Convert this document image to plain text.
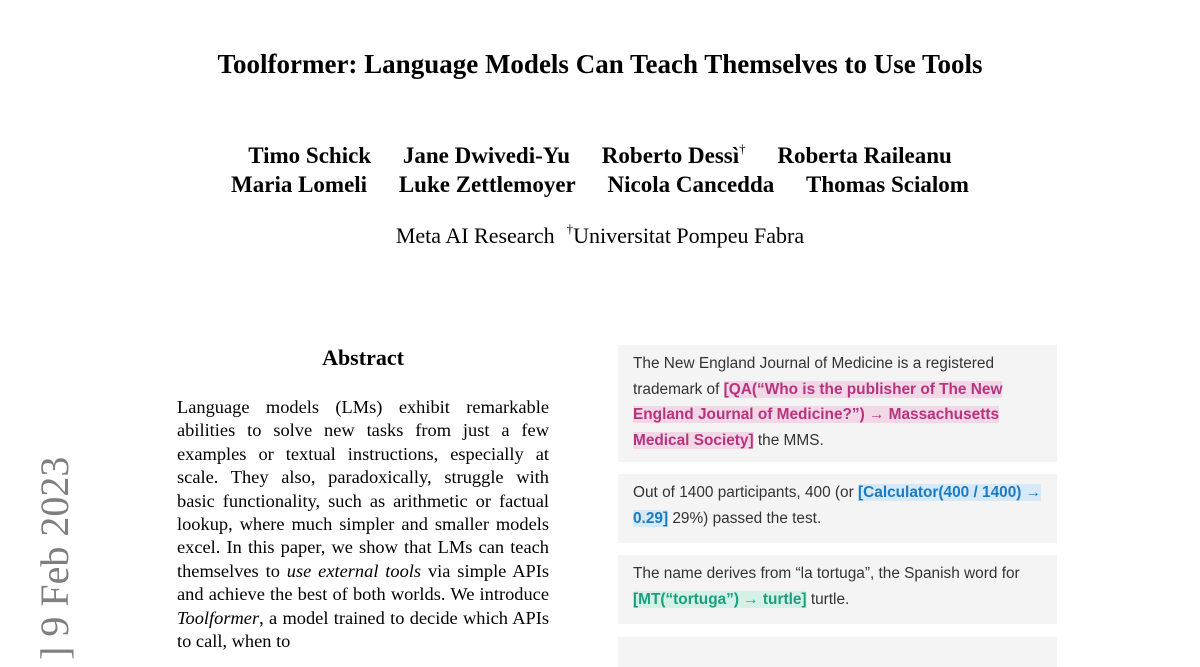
Toolformer: Language Models Can Teach Themselves to Use Tools
Timo Schick Jane Dwivedi-Yu Roberto Dessì† Roberta Raileanu
Maria Lomeli Luke Zettlemoyer Nicola Cancedda Thomas Scialom
Meta AI Research †Universitat Pompeu Fabra
] 9 Feb 2023
Abstract
Language models (LMs) exhibit remarkable abilities to solve new tasks from just a few examples or textual instructions, especially at scale. They also, paradoxically, struggle with basic functionality, such as arithmetic or factual lookup, where much simpler and smaller models excel. In this paper, we show that LMs can teach themselves to use external tools via simple APIs and achieve the best of both worlds. We introduce Toolformer, a model trained to decide which APIs to call, when to
The New England Journal of Medicine is a registered trademark of [QA(“Who is the publisher of The New England Journal of Medicine?”) → Massachusetts Medical Society] the MMS.
Out of 1400 participants, 400 (or [Calculator(400 / 1400) → 0.29] 29%) passed the test.
The name derives from “la tortuga”, the Spanish word for [MT(“tortuga”) → turtle] turtle.
